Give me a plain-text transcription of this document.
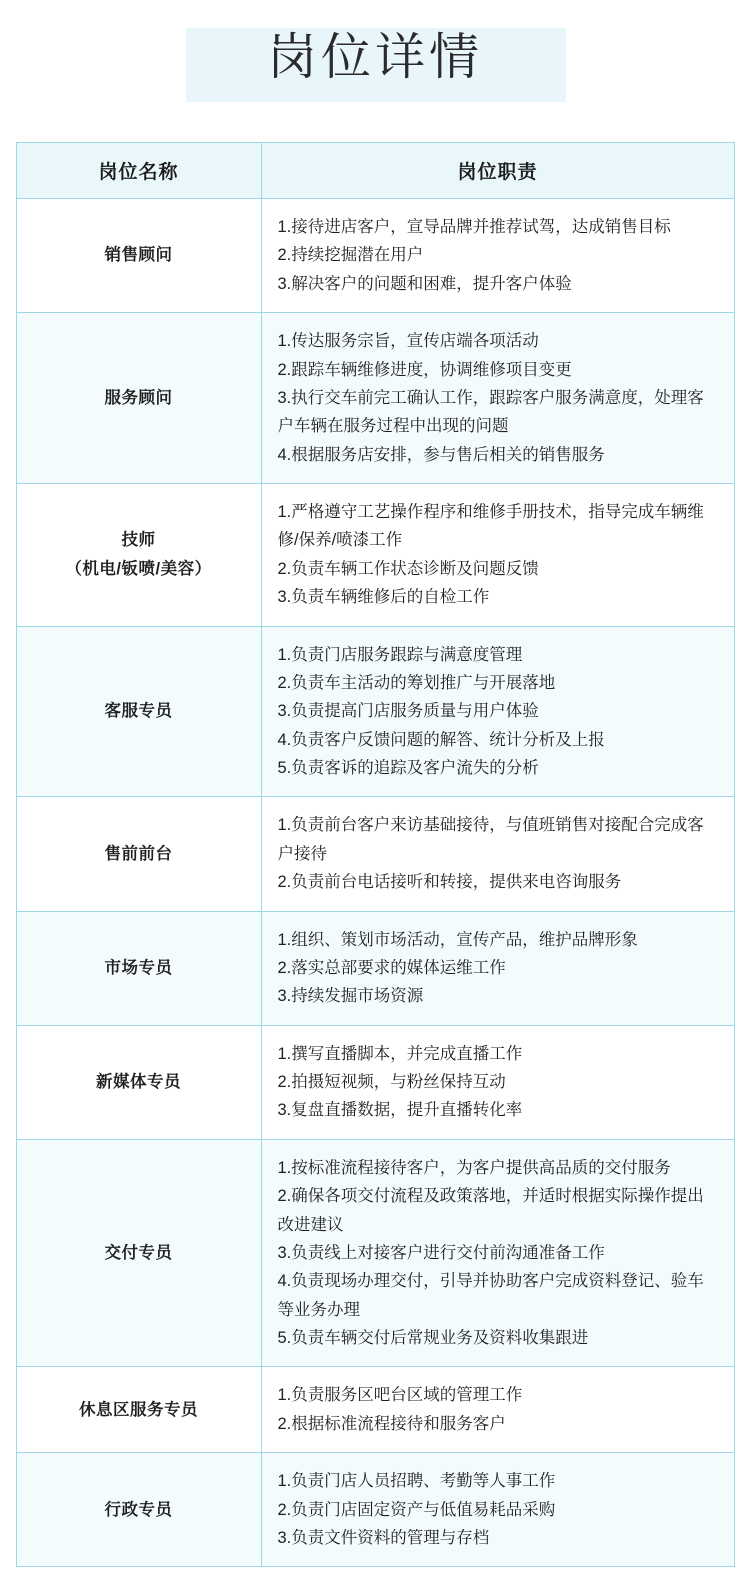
岗位详情
岗位名称	岗位职责

销售顾问	1.接待进店客户，宣导品牌并推荐试驾，达成销售目标
2.持续挖掘潜在用户
3.解决客户的问题和困难，提升客户体验

服务顾问	1.传达服务宗旨，宣传店端各项活动
2.跟踪车辆维修进度，协调维修项目变更
3.执行交车前完工确认工作，跟踪客户服务满意度，处理客户车辆在服务过程中出现的问题
4.根据服务店安排，参与售后相关的销售服务

技师
（机电/钣喷/美容）	1.严格遵守工艺操作程序和维修手册技术，指导完成车辆维修/保养/喷漆工作
2.负责车辆工作状态诊断及问题反馈
3.负责车辆维修后的自检工作

客服专员	1.负责门店服务跟踪与满意度管理
2.负责车主活动的筹划推广与开展落地
3.负责提高门店服务质量与用户体验
4.负责客户反馈问题的解答、统计分析及上报
5.负责客诉的追踪及客户流失的分析

售前前台	1.负责前台客户来访基础接待，与值班销售对接配合完成客户接待
2.负责前台电话接听和转接，提供来电咨询服务

市场专员	1.组织、策划市场活动，宣传产品，维护品牌形象
2.落实总部要求的媒体运维工作
3.持续发掘市场资源

新媒体专员	1.撰写直播脚本，并完成直播工作
2.拍摄短视频，与粉丝保持互动
3.复盘直播数据，提升直播转化率

交付专员	1.按标准流程接待客户，为客户提供高品质的交付服务
2.确保各项交付流程及政策落地，并适时根据实际操作提出改进建议
3.负责线上对接客户进行交付前沟通准备工作
4.负责现场办理交付，引导并协助客户完成资料登记、验车等业务办理
5.负责车辆交付后常规业务及资料收集跟进

休息区服务专员	1.负责服务区吧台区域的管理工作
2.根据标准流程接待和服务客户

行政专员	1.负责门店人员招聘、考勤等人事工作
2.负责门店固定资产与低值易耗品采购
3.负责文件资料的管理与存档
